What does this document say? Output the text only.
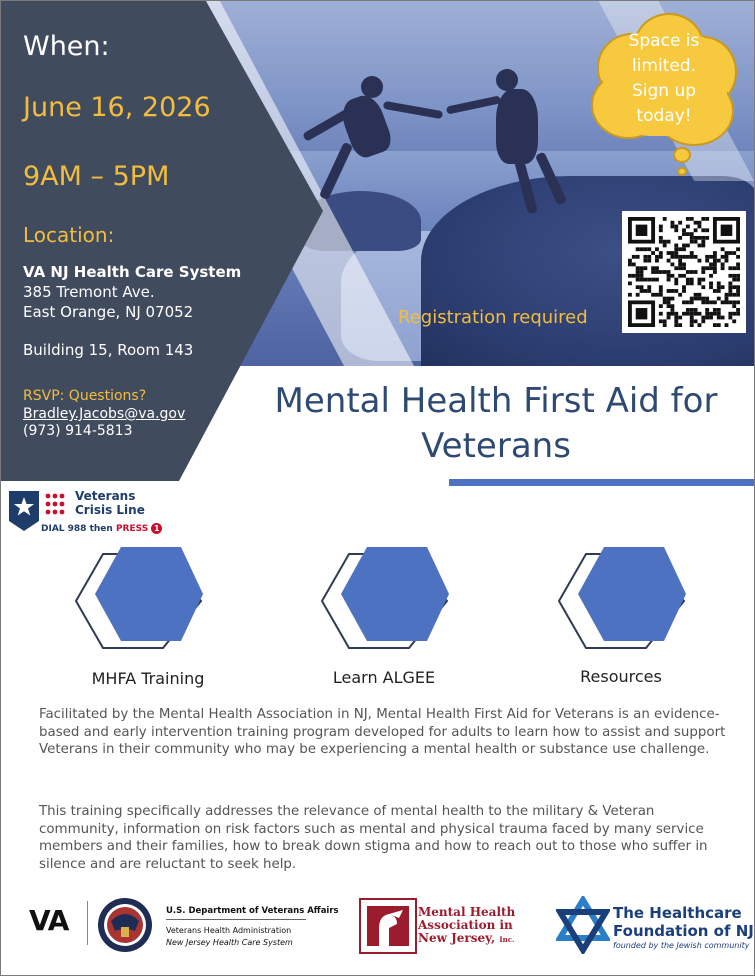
When:
June 16, 2026
9AM – 5PM
Location:
VA NJ Health Care System
385 Tremont Ave.
East Orange, NJ 07052
Building 15, Room 143
RSVP: Questions?
Bradley.Jacobs@va.gov
(973) 914-5813
Space is
limited.
Sign up
today!
Registration required
Mental Health First Aid for
Veterans
Veterans
Crisis Line
DIAL 988 then PRESS 1
MHFA Training	Learn ALGEE	Resources

Facilitated by the Mental Health Association in NJ, Mental Health First Aid for Veterans is an evidence-based and early intervention training program developed for adults to learn how to assist and support Veterans in their community who may be experiencing a mental health or substance use challenge.

This training specifically addresses the relevance of mental health to the military & Veteran community, information on risk factors such as mental and physical trauma faced by many service members and their families, how to break down stigma and how to reach out to those who suffer in silence and are reluctant to seek help.

VA	U.S. Department of Veterans Affairs
Veterans Health Administration
New Jersey Health Care System
Mental Health
Association in
New Jersey, Inc.
The Healthcare
Foundation of NJ
founded by the Jewish community
